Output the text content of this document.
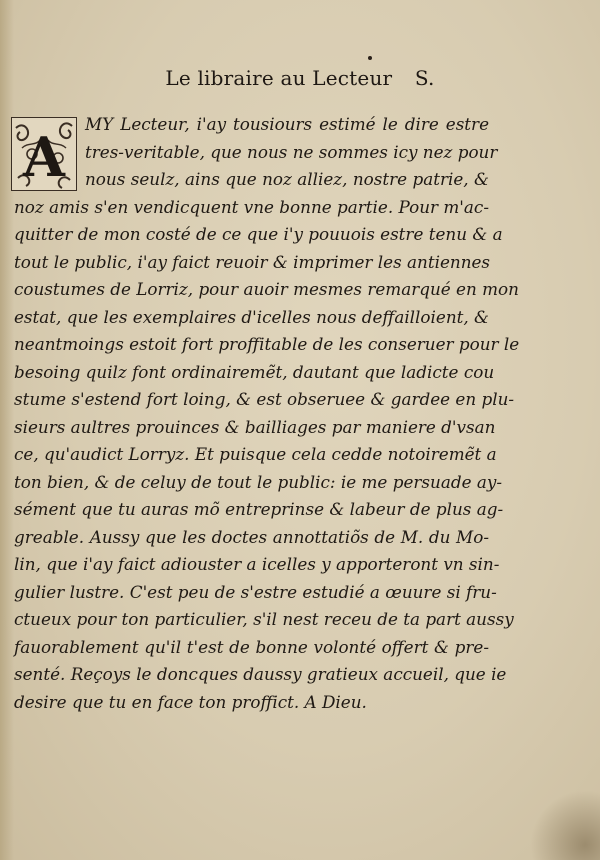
Le libraire au Lecteur S.
A
MY Lecteur, i'ay tousiours estimé le dire estre
tres-veritable, que nous ne sommes icy nez pour
nous seulz, ains que noz alliez, nostre patrie, &
noz amis s'en vendicquent vne bonne partie. Pour m'ac-
quitter de mon costé de ce que i'y pouuois estre tenu & a
tout le public, i'ay faict reuoir & imprimer les antiennes
coustumes de Lorriz, pour auoir mesmes remarqué en mon
estat, que les exemplaires d'icelles nous deffailloient, &
neantmoings estoit fort proffitable de les conseruer pour le
besoing quilz font ordinairemẽt, dautant que ladicte cou
stume s'estend fort loing, & est obseruee & gardee en plu-
sieurs aultres prouinces & bailliages par maniere d'vsan
ce, qu'audict Lorryz. Et puisque cela cedde notoiremẽt a
ton bien, & de celuy de tout le public: ie me persuade ay-
sément que tu auras mõ entreprinse & labeur de plus ag-
greable. Aussy que les doctes annottatiõs de M. du Mo-
lin, que i'ay faict adiouster a icelles y apporteront vn sin-
gulier lustre. C'est peu de s'estre estudié a œuure si fru-
ctueux pour ton particulier, s'il nest receu de ta part aussy
fauorablement qu'il t'est de bonne volonté offert & pre-
senté. Reçoys le doncques daussy gratieux accueil, que ie
desire que tu en face ton proffict. A Dieu.
